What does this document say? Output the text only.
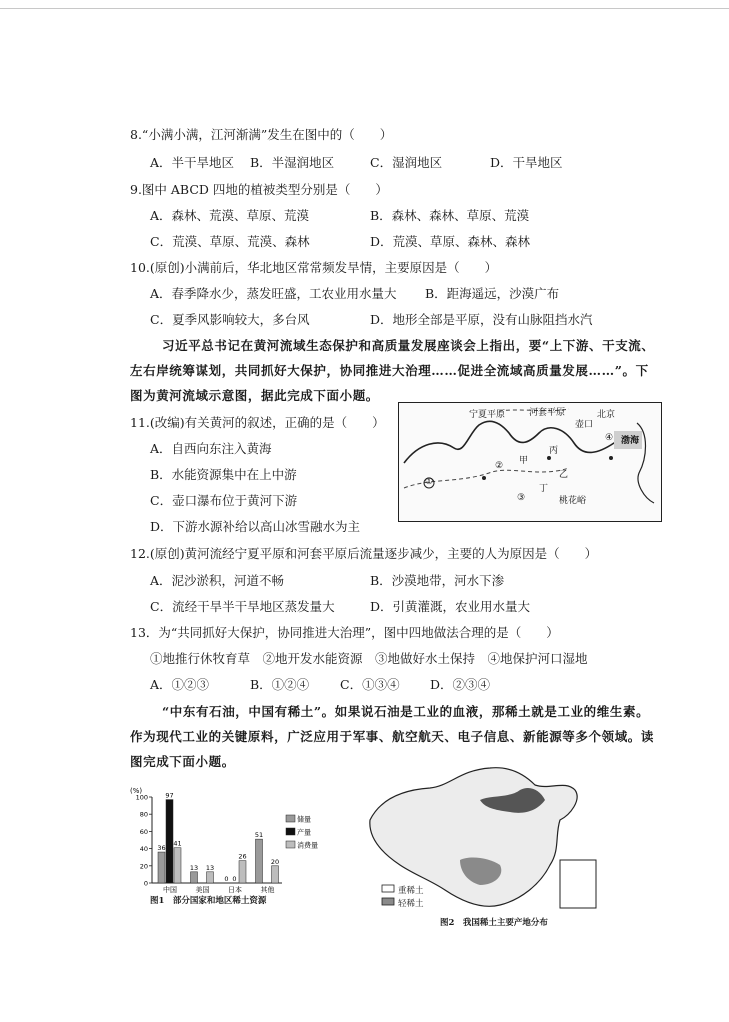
8.“小满小满，江河渐满”发生在图中的（　　）
A．半干旱地区 B．半湿润地区	C．湿润地区	D．干旱地区
9.图中 ABCD 四地的植被类型分别是（　　）
A．森林、荒漠、草原、荒漠	B．森林、森林、草原、荒漠
C．荒漠、草原、荒漠、森林	D．荒漠、草原、森林、森林
10.(原创)小满前后，华北地区常常频发旱情，主要原因是（　　）
A．春季降水少，蒸发旺盛，工农业用水量大 B．距海遥远，沙漠广布
C．夏季风影响较大，多台风	D．地形全部是平原，没有山脉阻挡水汽
习近平总书记在黄河流域生态保护和高质量发展座谈会上指出，要“上下游、干支流、
左右岸统筹谋划，共同抓好大保护，协同推进大治理……促进全流域高质量发展……”。下
图为黄河流域示意图，据此完成下面小题。
11.(改编)有关黄河的叙述，正确的是（　　）
A．自西向东注入黄海
B．水能资源集中在上中游
C．壶口瀑布位于黄河下游
D．下游水源补给以高山冰雪融水为主
宁夏平原	河套平原	北京
渤海
壶口
甲
乙
丙
丁
①
②
③
④
桃花峪
12.(原创)黄河流经宁夏平原和河套平原后流量逐步减少，主要的人为原因是（　　）
A．泥沙淤积，河道不畅	B．沙漠地带，河水下渗
C．流经干旱半干旱地区蒸发量大	D．引黄灌溉，农业用水量大
13．为“共同抓好大保护，协同推进大治理”，图中四地做法合理的是（　　）
①地推行休牧育草　②地开发水能资源　③地做好水土保持　④地保护河口湿地
A．①②③	B．①②④ C．①③④ D．②③④
“中东有石油，中国有稀土”。如果说石油是工业的血液，那稀土就是工业的维生素。
作为现代工业的关键原料，广泛应用于军事、航空航天、电子信息、新能源等多个领域。读
图完成下面小题。
(%)
100
80
60
40
20
0
36
97
41
中国
13 13
美国
0 0
26
日本
51
20
其他
储量
产量
消费量
图1　部分国家和地区稀土资源
重稀土
轻稀土
图2　我国稀土主要产地分布
